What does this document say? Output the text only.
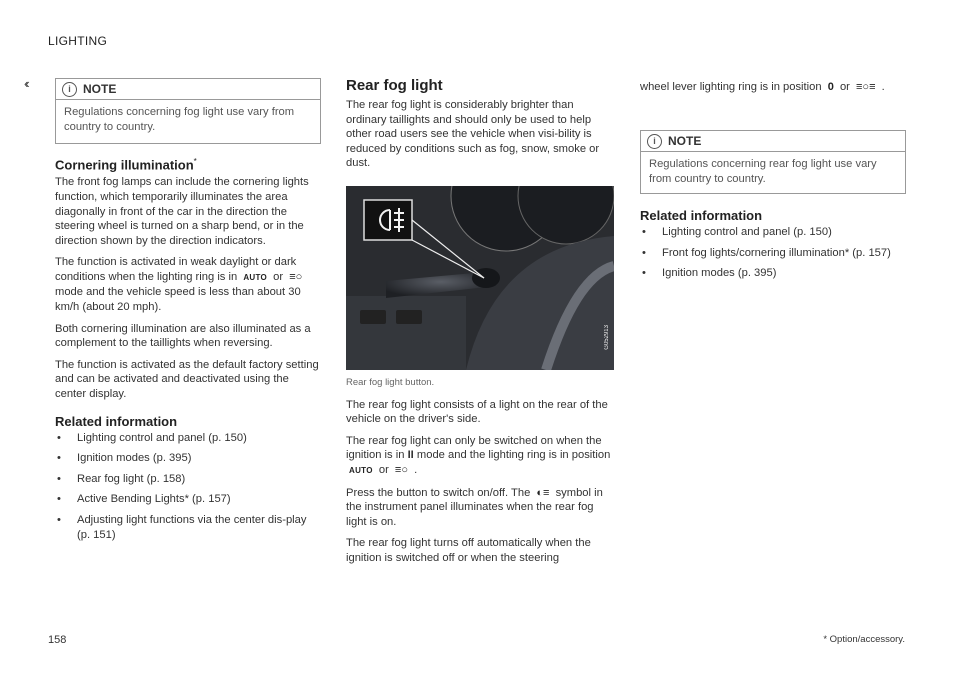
LIGHTING
‹‹	i	NOTE
Regulations concerning fog light use vary from country to country.
Cornering illumination*

The front fog lamps can include the cornering lights function, which temporarily illuminates the area diagonally in front of the car in the direction the steering wheel is turned on a sharp bend, or in the direction shown by the direction indicators.

The function is activated in weak daylight or dark conditions when the lighting ring is in AUTO or ≡○ mode and the vehicle speed is less than about 30 km/h (about 20 mph).

Both cornering illumination are also illuminated as a complement to the taillights when reversing.

The function is activated as the default factory setting and can be activated and deactivated using the center display.

Related information
• Lighting control and panel (p. 150)
• Ignition modes (p. 395)
• Rear fog light (p. 158)
• Active Bending Lights* (p. 157)
• Adjusting light functions via the center dis-play (p. 151)
Rear fog light

The rear fog light is considerably brighter than ordinary taillights and should only be used to help other road users see the vehicle when visi-bility is reduced by conditions such as fog, snow, smoke or dust.

G052913

Rear fog light button.

The rear fog light consists of a light on the rear of the vehicle on the driver's side.

The rear fog light can only be switched on when the ignition is in II mode and the lighting ring is in position AUTO or ≡○ .

Press the button to switch on/off. The ◐≡ symbol in the instrument panel illuminates when the rear fog light is on.

The rear fog light turns off automatically when the ignition is switched off or when the steering

wheel lever lighting ring is in position 0 or ≡○≡ .

i	NOTE
Regulations concerning rear fog light use vary from country to country.
Related information
• Lighting control and panel (p. 150)
• Front fog lights/cornering illumination* (p. 157)
• Ignition modes (p. 395)
158	* Option/accessory.
